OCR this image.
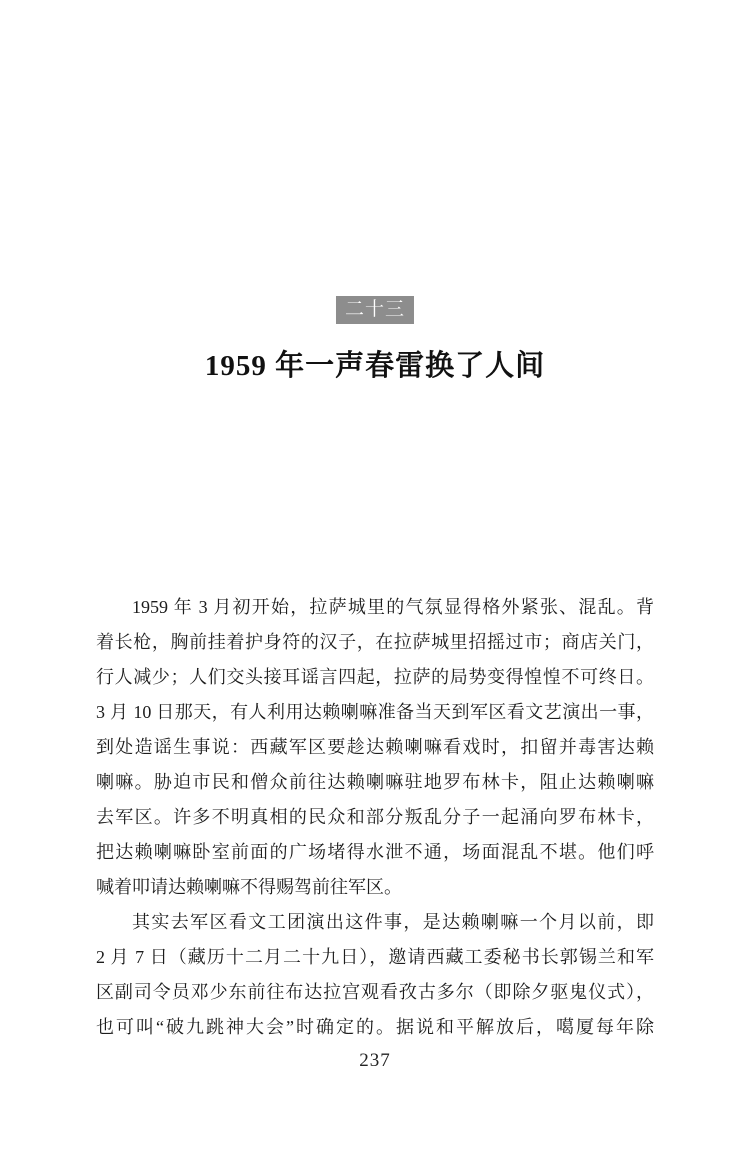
二十三
1959 年一声春雷换了人间
1959 年 3 月初开始，拉萨城里的气氛显得格外紧张、混乱。背
着长枪，胸前挂着护身符的汉子，在拉萨城里招摇过市；商店关门，
行人减少；人们交头接耳谣言四起，拉萨的局势变得惶惶不可终日。
3 月 10 日那天，有人利用达赖喇嘛准备当天到军区看文艺演出一事，
到处造谣生事说：西藏军区要趁达赖喇嘛看戏时，扣留并毒害达赖
喇嘛。胁迫市民和僧众前往达赖喇嘛驻地罗布林卡，阻止达赖喇嘛
去军区。许多不明真相的民众和部分叛乱分子一起涌向罗布林卡，
把达赖喇嘛卧室前面的广场堵得水泄不通，场面混乱不堪。他们呼
喊着叩请达赖喇嘛不得赐驾前往军区。
其实去军区看文工团演出这件事，是达赖喇嘛一个月以前，即
2 月 7 日（藏历十二月二十九日），邀请西藏工委秘书长郭锡兰和军
区副司令员邓少东前往布达拉宫观看孜古多尔（即除夕驱鬼仪式），
也可叫“破九跳神大会”时确定的。据说和平解放后，噶厦每年除
237
